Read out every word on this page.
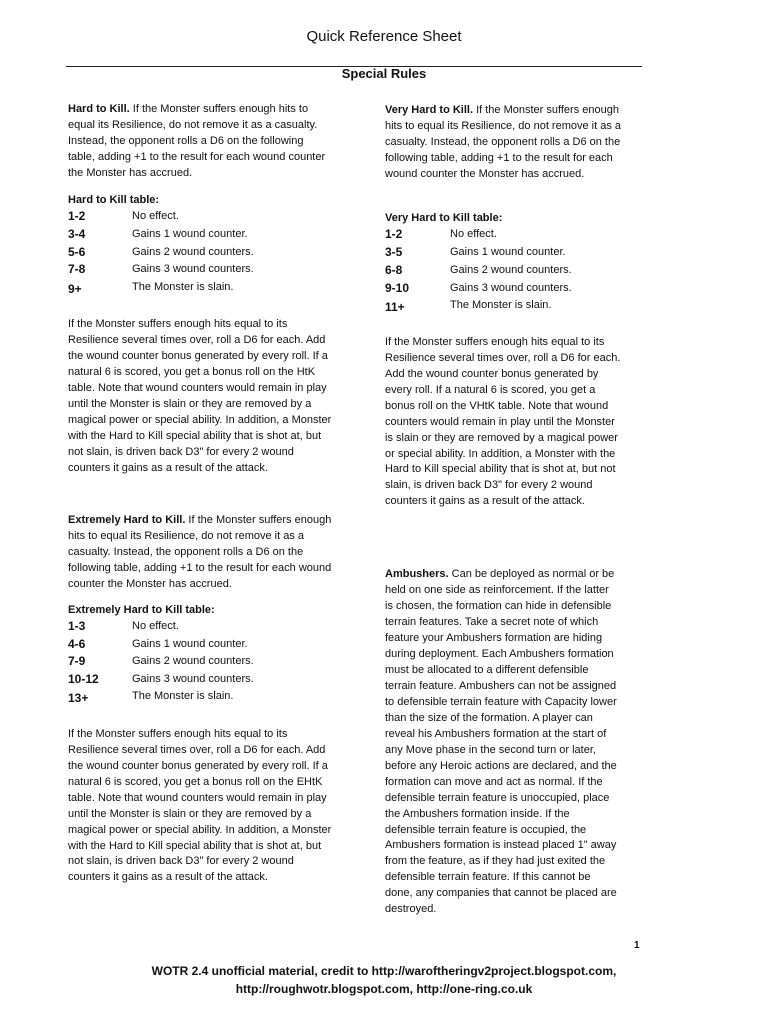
Quick Reference Sheet
Special Rules
Hard to Kill. If the Monster suffers enough hits to
equal its Resilience, do not remove it as a casualty.
Instead, the opponent rolls a D6 on the following
table, adding +1 to the result for each wound counter
the Monster has accrued.
Hard to Kill table:
1-2	No effect.
3-4	Gains 1 wound counter.
5-6	Gains 2 wound counters.
7-8	Gains 3 wound counters.
9+	The Monster is slain.
If the Monster suffers enough hits equal to its
Resilience several times over, roll a D6 for each. Add
the wound counter bonus generated by every roll. If a
natural 6 is scored, you get a bonus roll on the HtK
table. Note that wound counters would remain in play
until the Monster is slain or they are removed by a
magical power or special ability. In addition, a Monster
with the Hard to Kill special ability that is shot at, but
not slain, is driven back D3" for every 2 wound
counters it gains as a result of the attack.
Extremely Hard to Kill. If the Monster suffers enough
hits to equal its Resilience, do not remove it as a
casualty. Instead, the opponent rolls a D6 on the
following table, adding +1 to the result for each wound
counter the Monster has accrued.
Extremely Hard to Kill table:
1-3	No effect.
4-6	Gains 1 wound counter.
7-9	Gains 2 wound counters.
10-12	Gains 3 wound counters.
13+	The Monster is slain.
If the Monster suffers enough hits equal to its
Resilience several times over, roll a D6 for each. Add
the wound counter bonus generated by every roll. If a
natural 6 is scored, you get a bonus roll on the EHtK
table. Note that wound counters would remain in play
until the Monster is slain or they are removed by a
magical power or special ability. In addition, a Monster
with the Hard to Kill special ability that is shot at, but
not slain, is driven back D3" for every 2 wound
counters it gains as a result of the attack.
Very Hard to Kill. If the Monster suffers enough
hits to equal its Resilience, do not remove it as a
casualty. Instead, the opponent rolls a D6 on the
following table, adding +1 to the result for each
wound counter the Monster has accrued.
Very Hard to Kill table:
1-2	No effect.
3-5	Gains 1 wound counter.
6-8	Gains 2 wound counters.
9-10	Gains 3 wound counters.
11+	The Monster is slain.
If the Monster suffers enough hits equal to its
Resilience several times over, roll a D6 for each.
Add the wound counter bonus generated by
every roll. If a natural 6 is scored, you get a
bonus roll on the VHtK table. Note that wound
counters would remain in play until the Monster
is slain or they are removed by a magical power
or special ability. In addition, a Monster with the
Hard to Kill special ability that is shot at, but not
slain, is driven back D3" for every 2 wound
counters it gains as a result of the attack.
Ambushers. Can be deployed as normal or be
held on one side as reinforcement. If the latter
is chosen, the formation can hide in defensible
terrain features. Take a secret note of which
feature your Ambushers formation are hiding
during deployment. Each Ambushers formation
must be allocated to a different defensible
terrain feature. Ambushers can not be assigned
to defensible terrain feature with Capacity lower
than the size of the formation. A player can
reveal his Ambushers formation at the start of
any Move phase in the second turn or later,
before any Heroic actions are declared, and the
formation can move and act as normal. If the
defensible terrain feature is unoccupied, place
the Ambushers formation inside. If the
defensible terrain feature is occupied, the
Ambushers formation is instead placed 1" away
from the feature, as if they had just exited the
defensible terrain feature. If this cannot be
done, any companies that cannot be placed are
destroyed.
1
WOTR 2.4 unofficial material, credit to http://waroftheringv2project.blogspot.com,
http://roughwotr.blogspot.com, http://one-ring.co.uk
